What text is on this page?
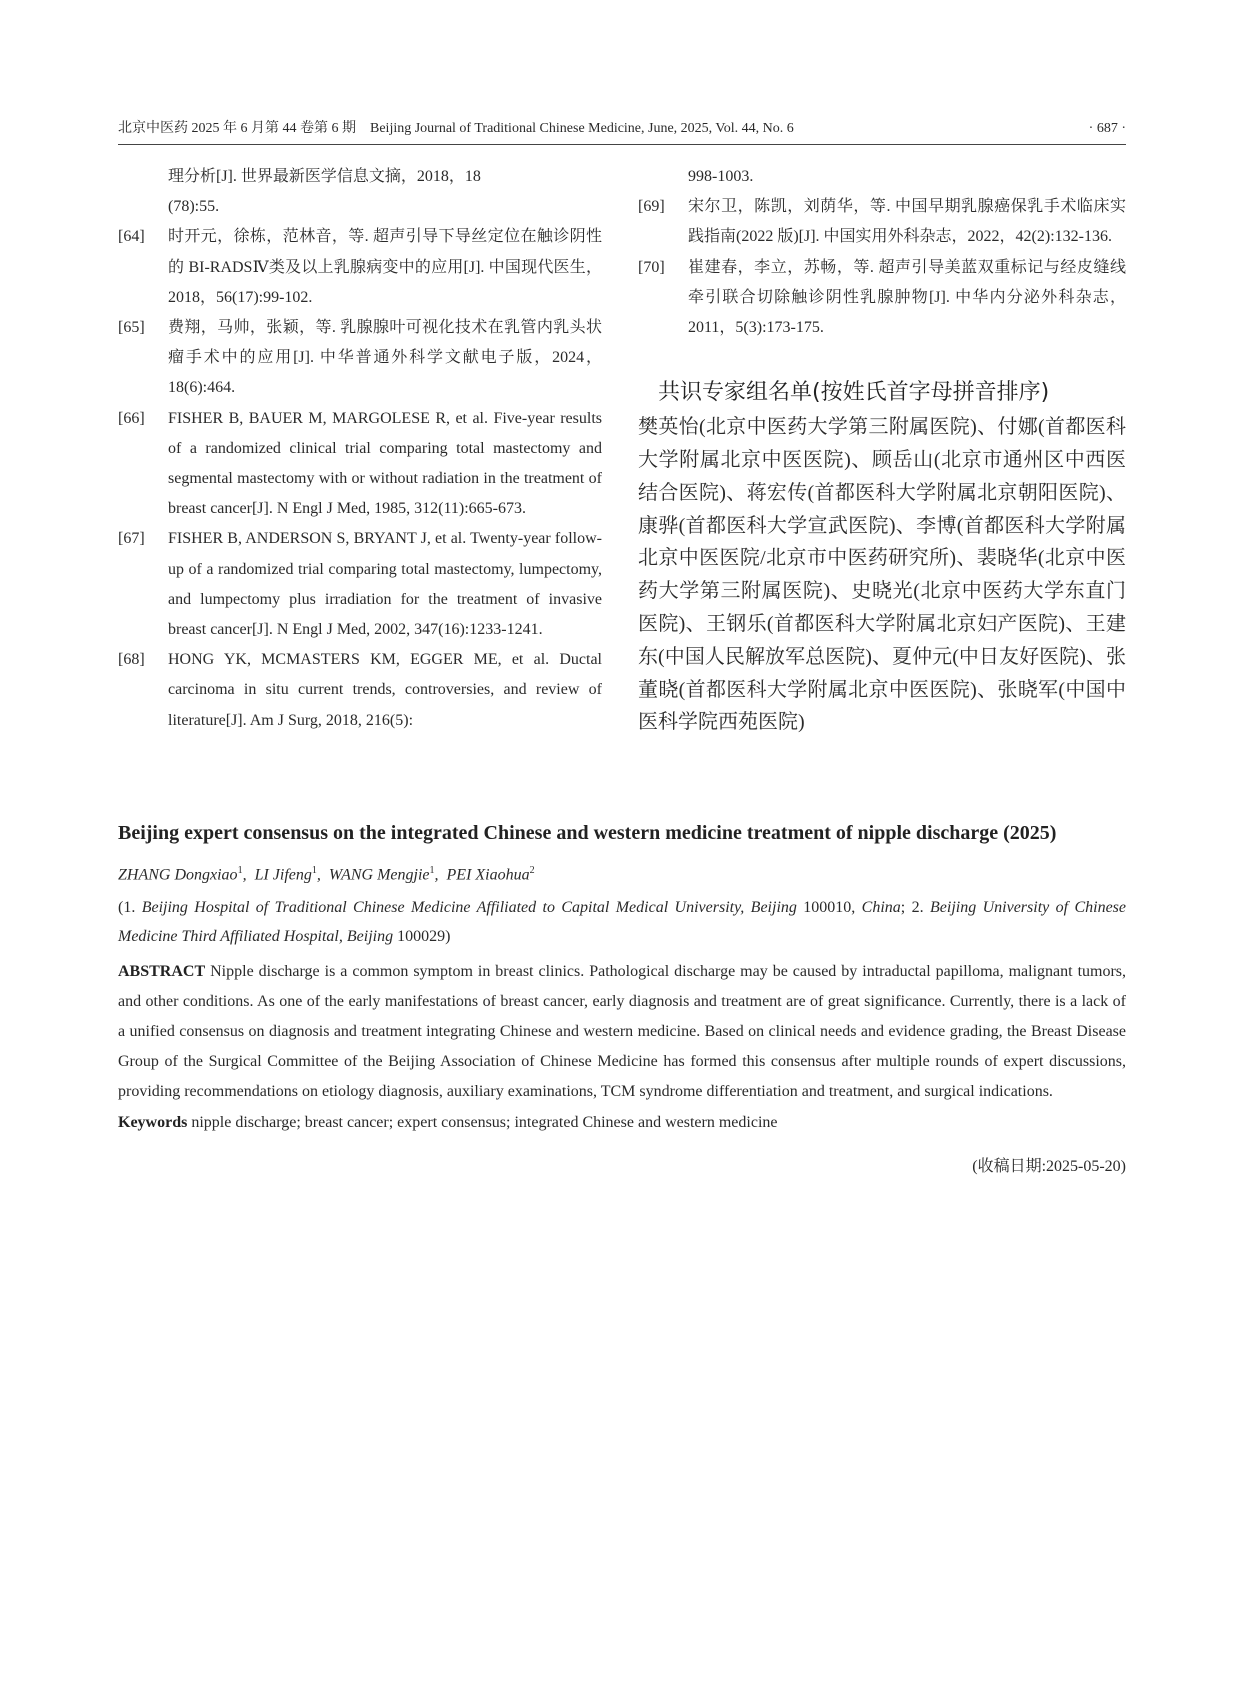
北京中医药 2025 年 6 月第 44 卷第 6 期 Beijing Journal of Traditional Chinese Medicine, June, 2025, Vol. 44, No. 6	· 687 ·
理分析[J]. 世界最新医学信息文摘，2018，18
(78):55.
[64] 时开元，徐栋，范林音，等. 超声引导下导丝定位在触诊阴性的 BI-RADSⅣ类及以上乳腺病变中的应用[J]. 中国现代医生，2018，56(17):99-102.
[65] 费翔，马帅，张颖，等. 乳腺腺叶可视化技术在乳管内乳头状瘤手术中的应用[J]. 中华普通外科学文献电子版，2024，18(6):464.
[66] FISHER B, BAUER M, MARGOLESE R, et al. Five-year results of a randomized clinical trial comparing total mastectomy and segmental mastectomy with or without radiation in the treatment of breast cancer[J]. N Engl J Med, 1985, 312(11):665-673.
[67] FISHER B, ANDERSON S, BRYANT J, et al. Twenty-year follow-up of a randomized trial comparing total mastectomy, lumpectomy, and lumpectomy plus irradiation for the treatment of invasive breast cancer[J]. N Engl J Med, 2002, 347(16):1233-1241.
[68] HONG YK, MCMASTERS KM, EGGER ME, et al. Ductal carcinoma in situ current trends, controversies, and review of literature[J]. Am J Surg, 2018, 216(5):
998-1003.
[69] 宋尔卫，陈凯，刘荫华，等. 中国早期乳腺癌保乳手术临床实践指南(2022 版)[J]. 中国实用外科杂志，2022，42(2):132-136.
[70] 崔建春，李立，苏畅，等. 超声引导美蓝双重标记与经皮缝线牵引联合切除触诊阴性乳腺肿物[J]. 中华内分泌外科杂志，2011，5(3):173-175.
共识专家组名单(按姓氏首字母拼音排序)
樊英怡(北京中医药大学第三附属医院)、付娜(首都医科大学附属北京中医医院)、顾岳山(北京市通州区中西医结合医院)、蒋宏传(首都医科大学附属北京朝阳医院)、康骅(首都医科大学宣武医院)、李博(首都医科大学附属北京中医医院/北京市中医药研究所)、裴晓华(北京中医药大学第三附属医院)、史晓光(北京中医药大学东直门医院)、王钢乐(首都医科大学附属北京妇产医院)、王建东(中国人民解放军总医院)、夏仲元(中日友好医院)、张董晓(首都医科大学附属北京中医医院)、张晓军(中国中医科学院西苑医院)
Beijing expert consensus on the integrated Chinese and western medicine treatment of nipple discharge (2025)
ZHANG Dongxiao$^1$,  LI Jifeng$^1$,  WANG Mengjie$^1$,  PEI Xiaohua$^2$
(1. Beijing Hospital of Traditional Chinese Medicine Affiliated to Capital Medical University, Beijing 100010, China; 2. Beijing University of Chinese Medicine Third Affiliated Hospital, Beijing 100029)
ABSTRACT Nipple discharge is a common symptom in breast clinics. Pathological discharge may be caused by intraductal papilloma, malignant tumors, and other conditions. As one of the early manifestations of breast cancer, early diagnosis and treatment are of great significance. Currently, there is a lack of a unified consensus on diagnosis and treatment integrating Chinese and western medicine. Based on clinical needs and evidence grading, the Breast Disease Group of the Surgical Committee of the Beijing Association of Chinese Medicine has formed this consensus after multiple rounds of expert discussions, providing recommendations on etiology diagnosis, auxiliary examinations, TCM syndrome differentiation and treatment, and surgical indications.
Keywords nipple discharge; breast cancer; expert consensus; integrated Chinese and western medicine
(收稿日期:2025-05-20)
